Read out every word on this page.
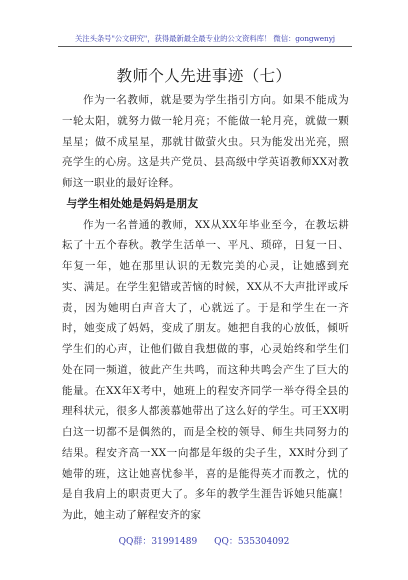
关注头条号"公文研究"，获得最新最全最专业的公文资料库！ 微信：gongwenyj
教师个人先进事迹（七）

作为一名教师，就是要为学生指引方向。如果不能成为一轮太阳，就努力做一轮月亮；不能做一轮月亮，就做一颗星星；做不成星星，那就甘做萤火虫。只为能发出光亮，照亮学生的心房。这是共产党员、县高级中学英语教师XX对教师这一职业的最好诠释。

与学生相处她是妈妈是朋友

作为一名普通的教师，XX从XX年毕业至今，在教坛耕耘了十五个春秋。教学生活单一、平凡、琐碎，日复一日、年复一年，她在那里认识的无数完美的心灵，让她感到充实、满足。在学生犯错或苦恼的时候，XX从不大声批评或斥责，因为她明白声音大了，心就远了。于是和学生在一齐时，她变成了妈妈，变成了朋友。她把自我的心放低，倾听学生们的心声，让他们做自我想做的事，心灵始终和学生们处在同一频道，彼此产生共鸣，而这种共鸣会产生了巨大的能量。在XX年X考中，她班上的程安齐同学一举夺得全县的理科状元，很多人都羡慕她带出了这么好的学生。可王XX明白这一切都不是偶然的，而是全校的领导、师生共同努力的结果。程安齐高一XX一向都是年级的尖子生，XX时分到了她带的班，这让她喜忧参半，喜的是能得英才而教之，忧的是自我肩上的职责更大了。多年的教学生涯告诉她只能赢！为此，她主动了解程安齐的家

QQ群：31991489 QQ：535304092
